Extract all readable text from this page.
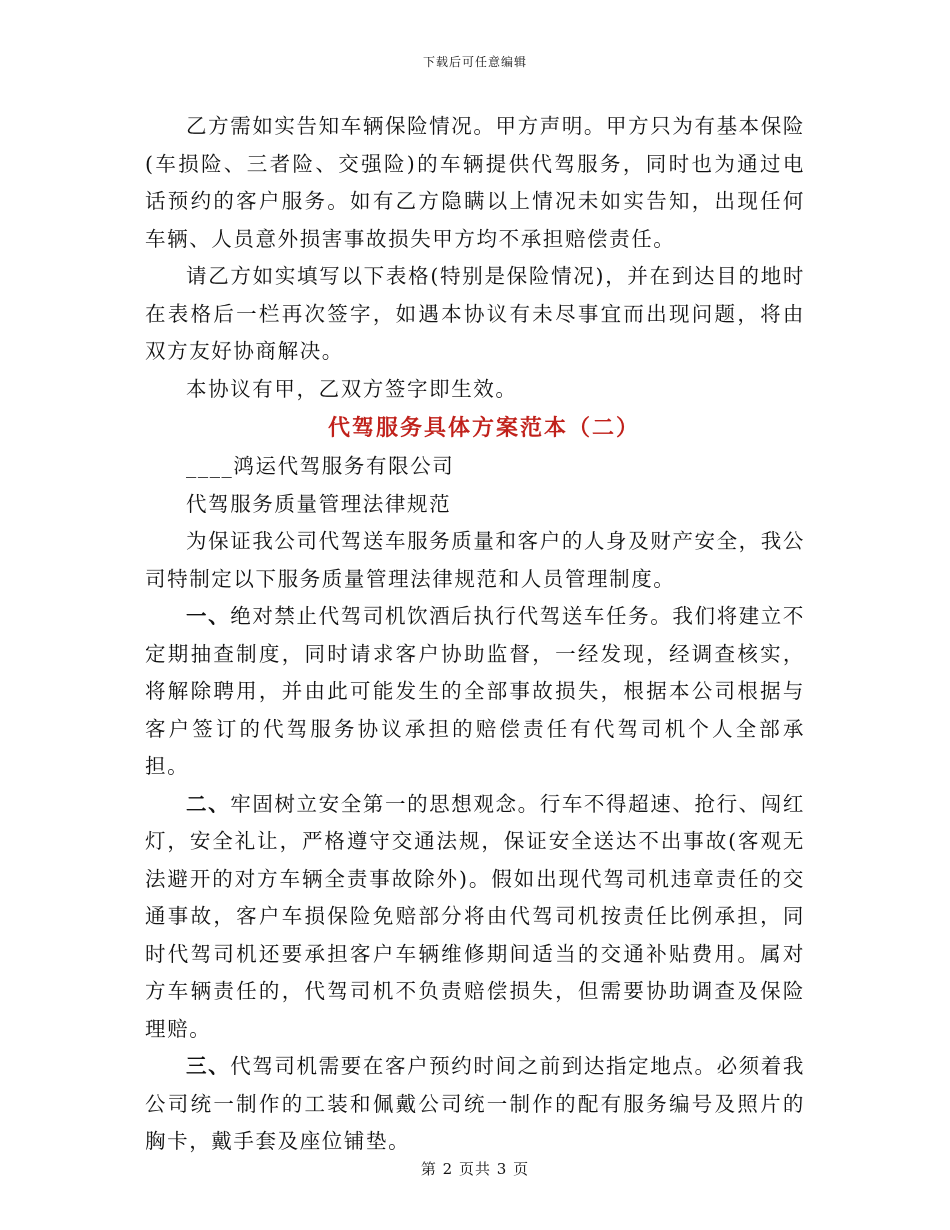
下载后可任意编辑

乙方需如实告知车辆保险情况。甲方声明。甲方只为有基本保险(车损险、三者险、交强险)的车辆提供代驾服务，同时也为通过电话预约的客户服务。如有乙方隐瞒以上情况未如实告知，出现任何车辆、人员意外损害事故损失甲方均不承担赔偿责任。

请乙方如实填写以下表格(特别是保险情况)，并在到达目的地时在表格后一栏再次签字，如遇本协议有未尽事宜而出现问题，将由双方友好协商解决。

本协议有甲，乙双方签字即生效。

代驾服务具体方案范本（二）

____鸿运代驾服务有限公司

代驾服务质量管理法律规范

为保证我公司代驾送车服务质量和客户的人身及财产安全，我公司特制定以下服务质量管理法律规范和人员管理制度。

一、绝对禁止代驾司机饮酒后执行代驾送车任务。我们将建立不定期抽查制度，同时请求客户协助监督，一经发现，经调查核实，将解除聘用，并由此可能发生的全部事故损失，根据本公司根据与客户签订的代驾服务协议承担的赔偿责任有代驾司机个人全部承担。

二、牢固树立安全第一的思想观念。行车不得超速、抢行、闯红灯，安全礼让，严格遵守交通法规，保证安全送达不出事故(客观无法避开的对方车辆全责事故除外)。假如出现代驾司机违章责任的交通事故，客户车损保险免赔部分将由代驾司机按责任比例承担，同时代驾司机还要承担客户车辆维修期间适当的交通补贴费用。属对方车辆责任的，代驾司机不负责赔偿损失，但需要协助调查及保险理赔。

三、代驾司机需要在客户预约时间之前到达指定地点。必须着我公司统一制作的工装和佩戴公司统一制作的配有服务编号及照片的胸卡，戴手套及座位铺垫。

第 2 页共 3 页
